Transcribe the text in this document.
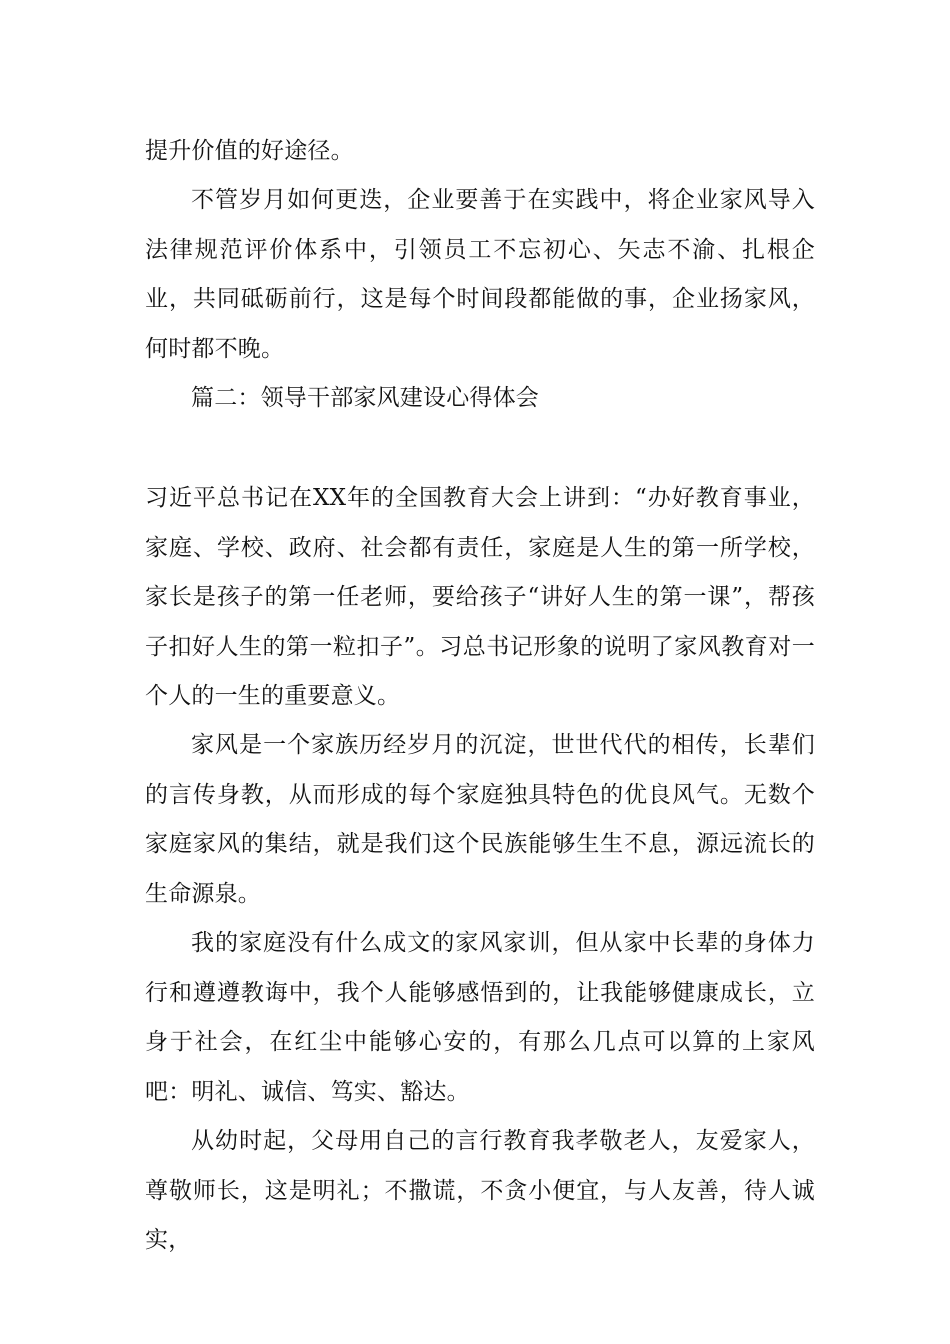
提升价值的好途径。

不管岁月如何更迭，企业要善于在实践中，将企业家风导入法律规范评价体系中，引领员工不忘初心、矢志不渝、扎根企业，共同砥砺前行，这是每个时间段都能做的事，企业扬家风，何时都不晚。

篇二：领导干部家风建设心得体会

习近平总书记在XX年的全国教育大会上讲到：“办好教育事业，家庭、学校、政府、社会都有责任，家庭是人生的第一所学校，家长是孩子的第一任老师，要给孩子“讲好人生的第一课”，帮孩子扣好人生的第一粒扣子”。习总书记形象的说明了家风教育对一个人的一生的重要意义。

家风是一个家族历经岁月的沉淀，世世代代的相传，长辈们的言传身教，从而形成的每个家庭独具特色的优良风气。无数个家庭家风的集结，就是我们这个民族能够生生不息，源远流长的生命源泉。

我的家庭没有什么成文的家风家训，但从家中长辈的身体力行和遵遵教诲中，我个人能够感悟到的，让我能够健康成长，立身于社会，在红尘中能够心安的，有那么几点可以算的上家风吧：明礼、诚信、笃实、豁达。

从幼时起，父母用自己的言行教育我孝敬老人，友爱家人，尊敬师长，这是明礼；不撒谎，不贪小便宜，与人友善，待人诚实，
